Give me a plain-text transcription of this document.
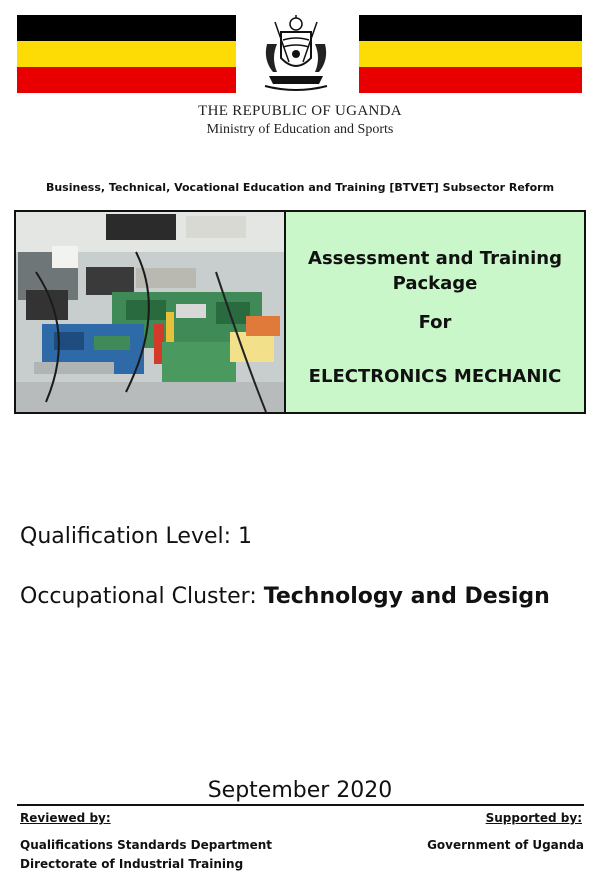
THE REPUBLIC OF UGANDA
Ministry of Education and Sports
Business, Technical, Vocational Education and Training [BTVET] Subsector Reform
Assessment and Training Package
For
ELECTRONICS MECHANIC
Qualification Level: 1
Occupational Cluster: Technology and Design
September 2020
Reviewed by:
Qualifications Standards Department
Directorate of Industrial Training
Supported by:
Government of Uganda
